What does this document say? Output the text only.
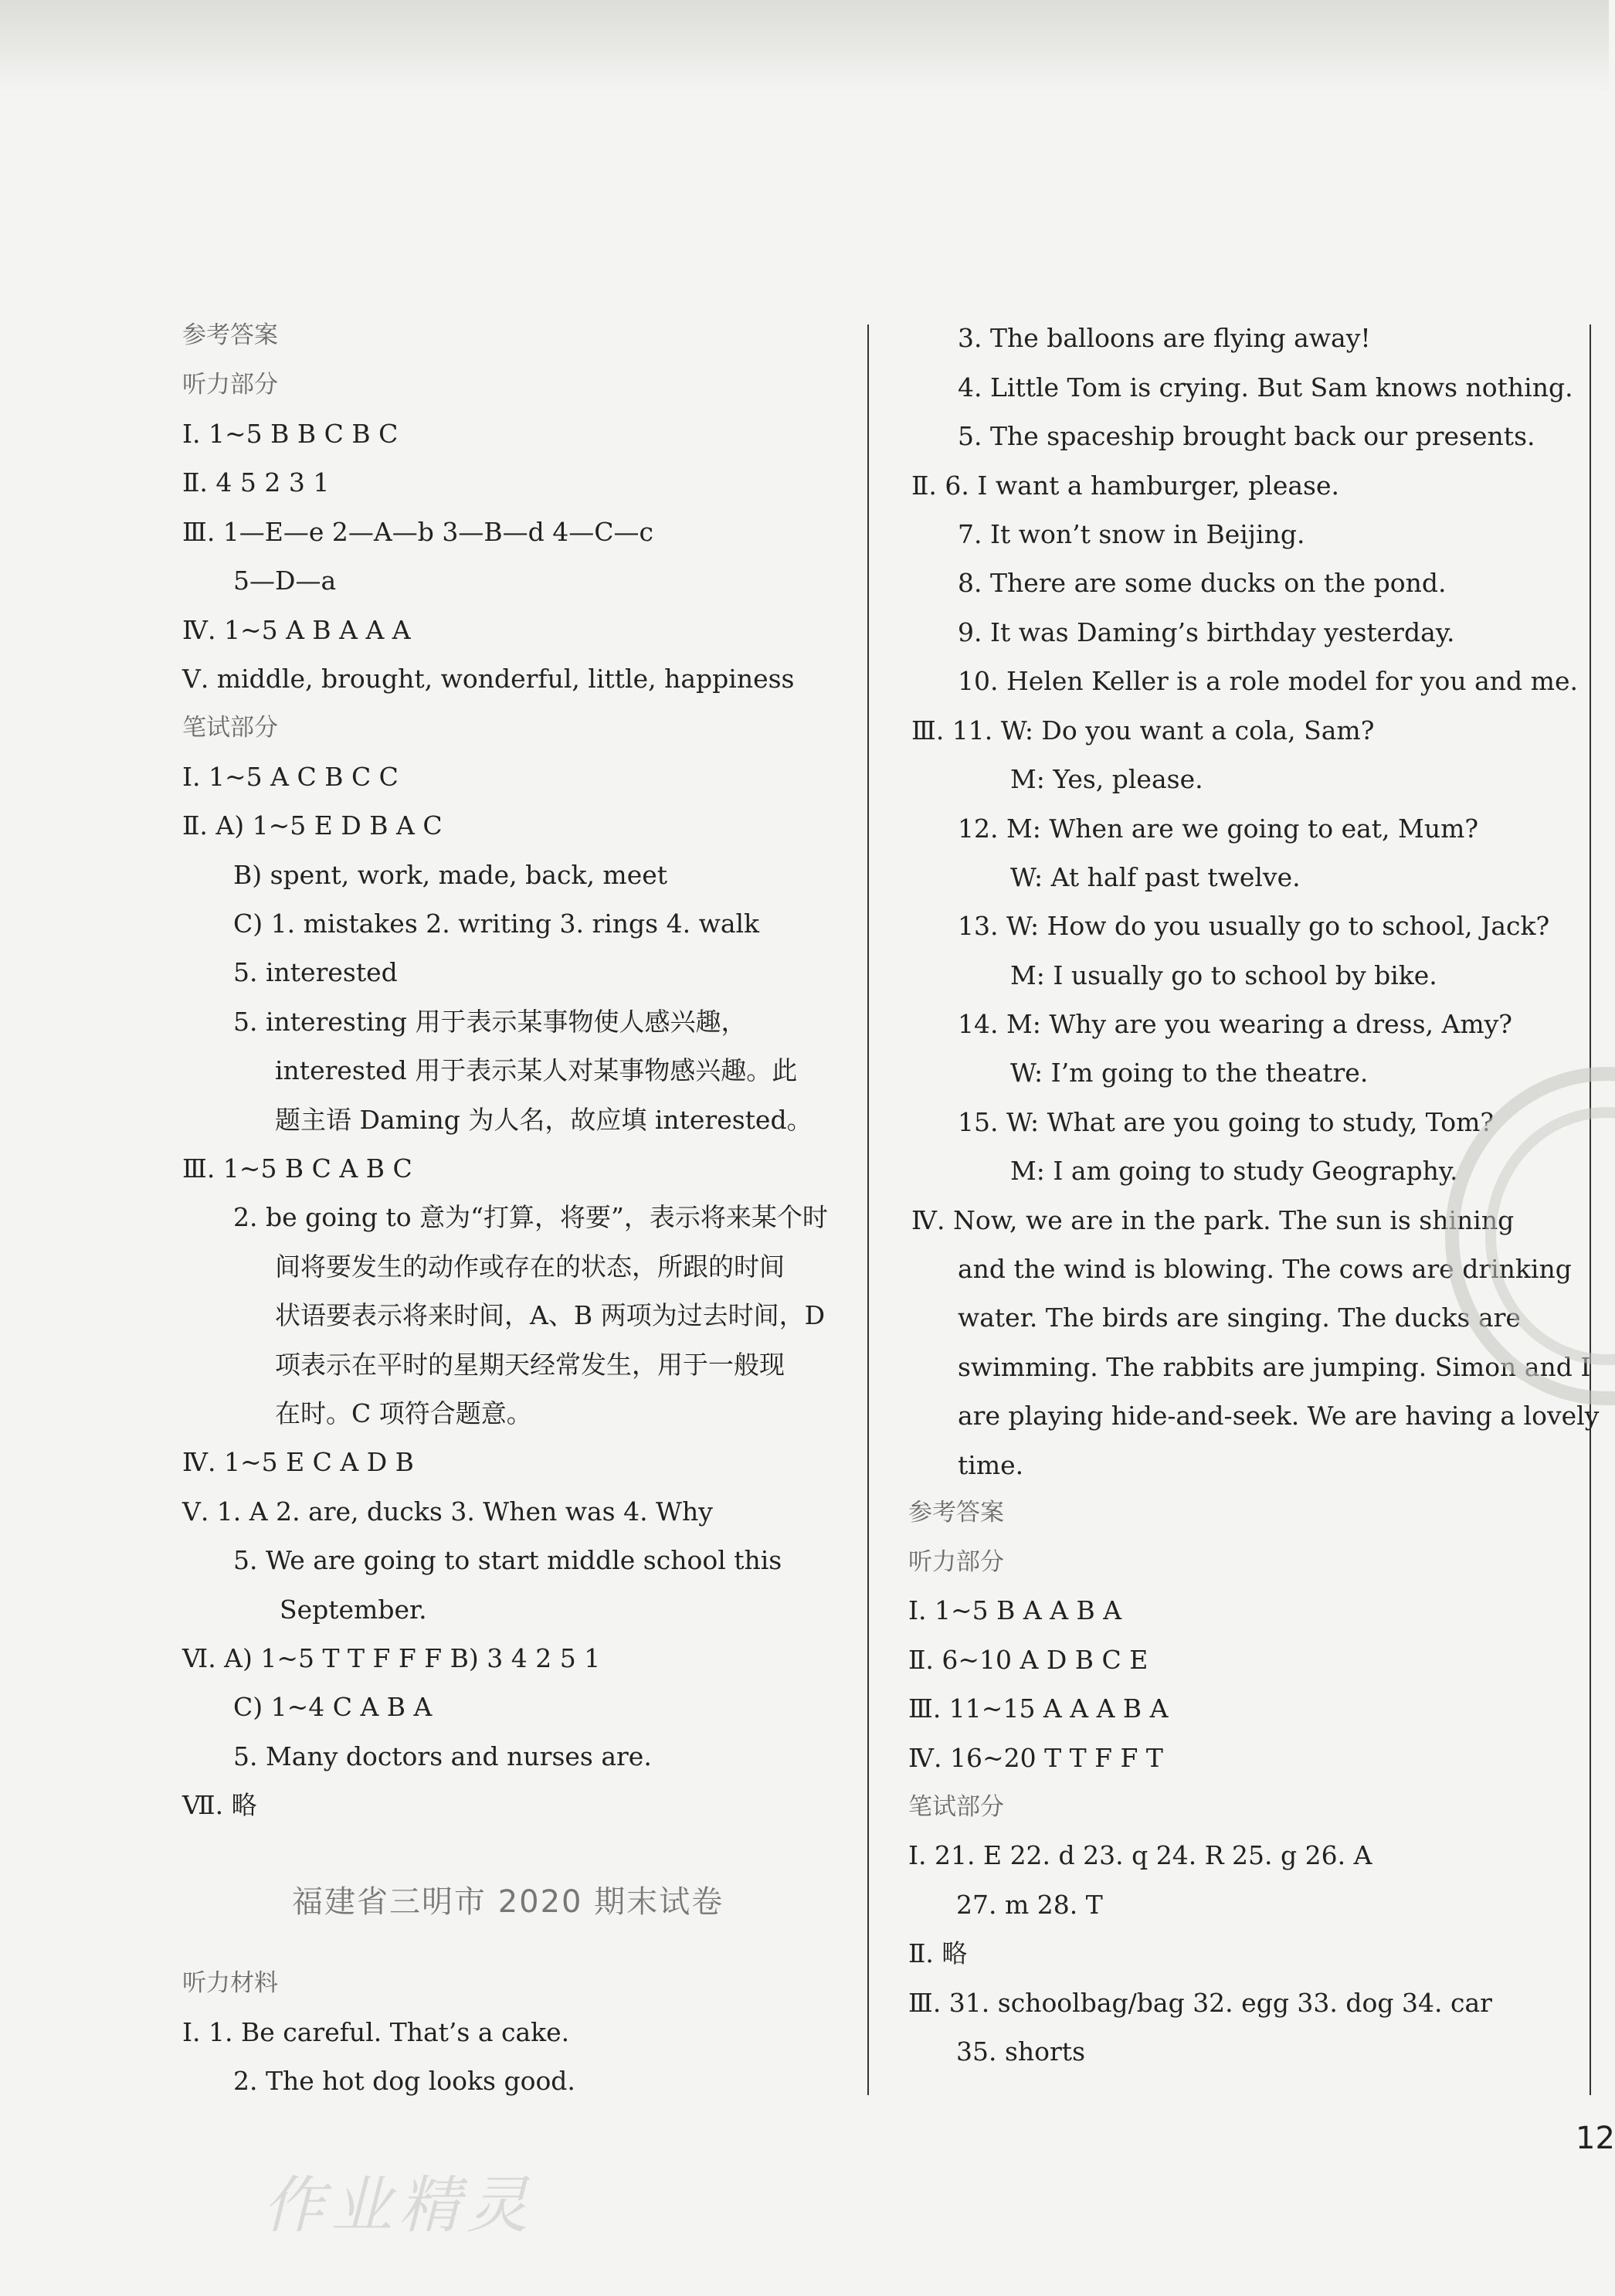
参考答案
听力部分
Ⅰ. 1~5 B B C B C
Ⅱ. 4 5 2 3 1
Ⅲ. 1—E—e 2—A—b 3—B—d 4—C—c
5—D—a
Ⅳ. 1~5 A B A A A
Ⅴ. middle, brought, wonderful, little, happiness
笔试部分
Ⅰ. 1~5 A C B C C
Ⅱ. A) 1~5 E D B A C
B) spent, work, made, back, meet
C) 1. mistakes 2. writing 3. rings 4. walk
5. interested
5. interesting 用于表示某事物使人感兴趣，
interested 用于表示某人对某事物感兴趣。此
题主语 Daming 为人名，故应填 interested。
Ⅲ. 1~5 B C A B C
2. be going to 意为“打算，将要”，表示将来某个时
间将要发生的动作或存在的状态，所跟的时间
状语要表示将来时间，A、B 两项为过去时间，D
项表示在平时的星期天经常发生，用于一般现
在时。C 项符合题意。
Ⅳ. 1~5 E C A D B
Ⅴ. 1. A 2. are, ducks 3. When was 4. Why
5. We are going to start middle school this
September.
Ⅵ. A) 1~5 T T F F F B) 3 4 2 5 1
C) 1~4 C A B A
5. Many doctors and nurses are.
Ⅶ. 略
福建省三明市 2020 期末试卷
听力材料
Ⅰ. 1. Be careful. That’s a cake.
2. The hot dog looks good.
3. The balloons are flying away!
4. Little Tom is crying. But Sam knows nothing.
5. The spaceship brought back our presents.
Ⅱ. 6. I want a hamburger, please.
7. It won’t snow in Beijing.
8. There are some ducks on the pond.
9. It was Daming’s birthday yesterday.
10. Helen Keller is a role model for you and me.
Ⅲ. 11. W: Do you want a cola, Sam?
M: Yes, please.
12. M: When are we going to eat, Mum?
W: At half past twelve.
13. W: How do you usually go to school, Jack?
M: I usually go to school by bike.
14. M: Why are you wearing a dress, Amy?
W: I’m going to the theatre.
15. W: What are you going to study, Tom?
M: I am going to study Geography.
Ⅳ. Now, we are in the park. The sun is shining
and the wind is blowing. The cows are drinking
water. The birds are singing. The ducks are
swimming. The rabbits are jumping. Simon and I
are playing hide-and-seek. We are having a lovely
time.
参考答案
听力部分
Ⅰ. 1~5 B A A B A
Ⅱ. 6~10 A D B C E
Ⅲ. 11~15 A A A B A
Ⅳ. 16~20 T T F F T
笔试部分
Ⅰ. 21. E 22. d 23. q 24. R 25. g 26. A
27. m 28. T
Ⅱ. 略
Ⅲ. 31. schoolbag/bag 32. egg 33. dog 34. car
35. shorts
作业精灵
12
